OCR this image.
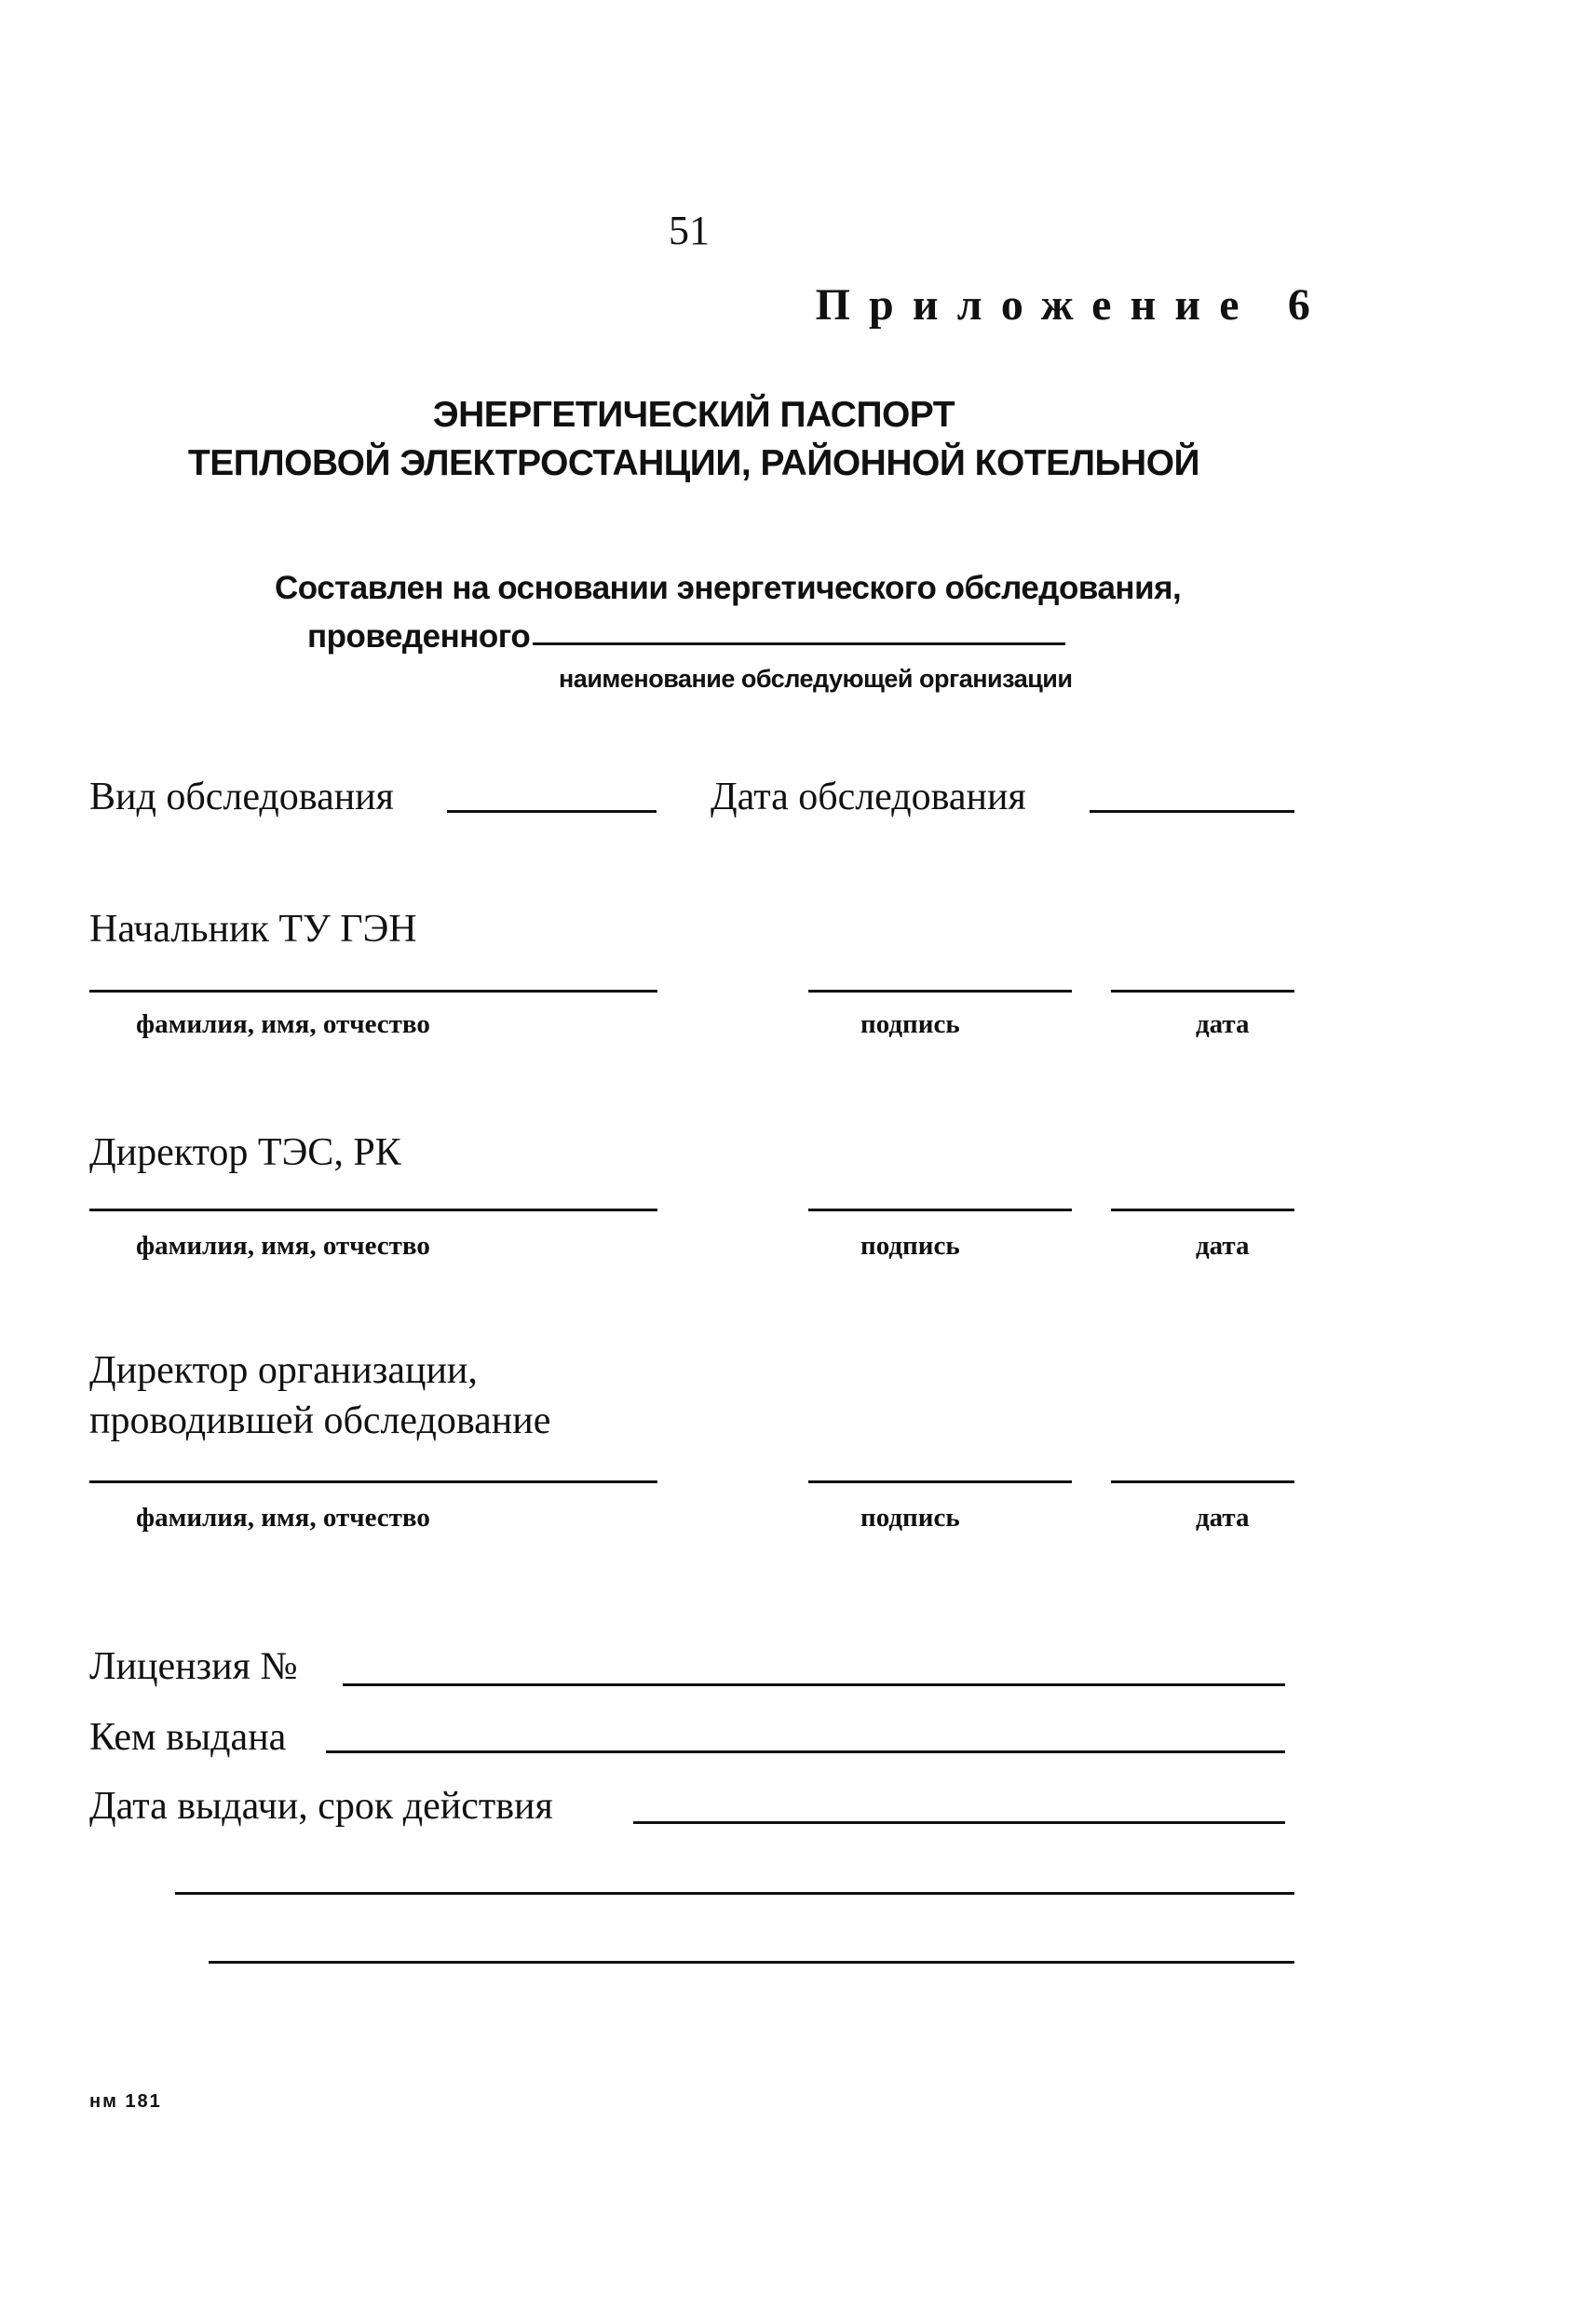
51
Приложение 6
ЭНЕРГЕТИЧЕСКИЙ ПАСПОРТ
ТЕПЛОВОЙ ЭЛЕКТРОСТАНЦИИ, РАЙОННОЙ КОТЕЛЬНОЙ
Составлен на основании энергетического обследования,
проведенного
наименование обследующей организации
Вид обследования	Дата обследования
Начальник ТУ ГЭН
фамилия, имя, отчество	подпись	дата
Директор ТЭС, РК
фамилия, имя, отчество	подпись	дата
Директор организации,
проводившей обследование
фамилия, имя, отчество	подпись	дата
Лицензия №
Кем выдана
Дата выдачи, срок действия
нм 181
